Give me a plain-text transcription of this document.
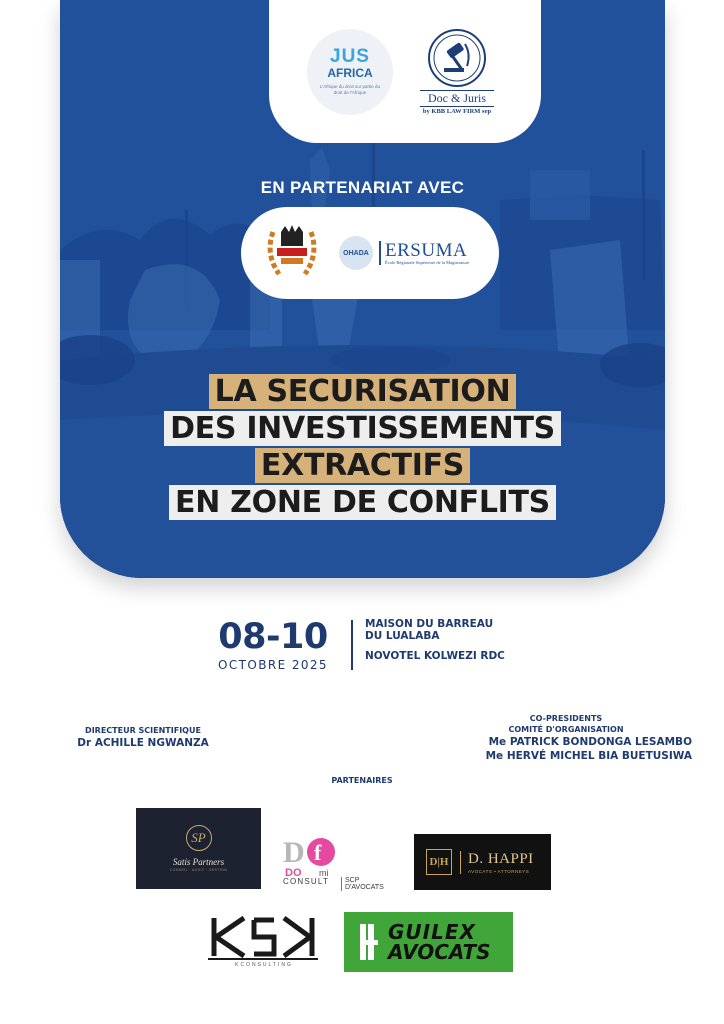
JUS
AFRICA
L'Afrique du droit sur partie du droit de l'Afrique	Doc & Juris
by KBB LAW FIRM sep
EN PARTENARIAT AVEC
OHADA ERSUMA
École Régionale Supérieure de la Magistrature
LA SECURISATION
DES INVESTISSEMENTS
EXTRACTIFS
EN ZONE DE CONFLITS
08-10
OCTOBRE 2025
MAISON DU BARREAU
DU LUALABA
NOVOTEL KOLWEZI RDC
DIRECTEUR SCIENTIFIQUE
Dr ACHILLE NGWANZA
CO-PRESIDENTS
COMITÉ D'ORGANISATION
Me PATRICK BONDONGA LESAMBO
Me HERVÉ MICHEL BIA BUETUSIWA
PARTENAIRES
SP
Satis Partners
CONSEIL · AUDIT · GESTION
D f
DO mi
CONSULT	SCP D'AVOCATS
D|H D. HAPPI
AVOCATS • ATTORNEYS
KCONSULTING
GUILEX
AVOCATS
